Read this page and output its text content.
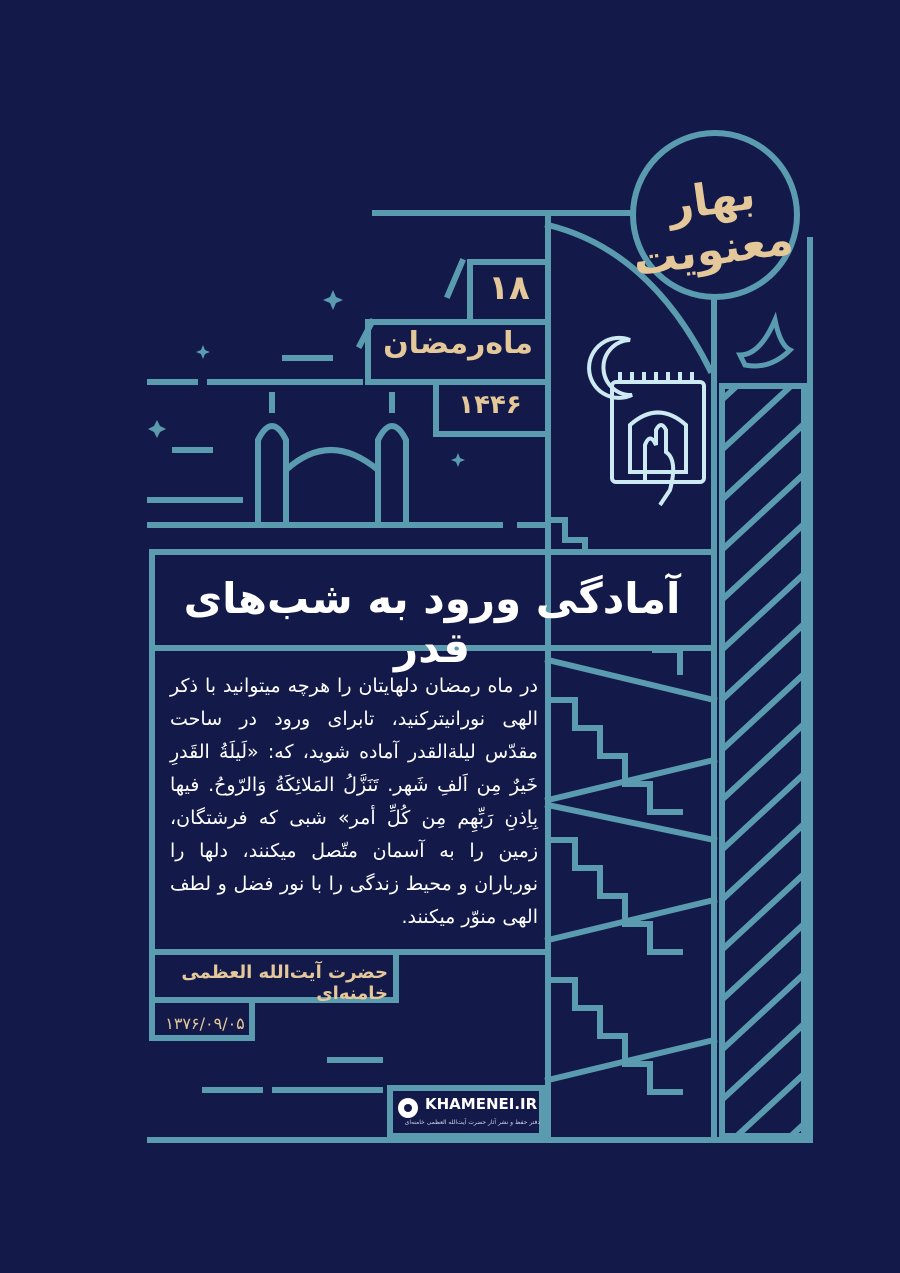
بهار معنویت
۱۸
ماه‌رمضان
۱۴۴۶
آمادگی ورود به شب‌های قدر
در ماه رمضان دلهایتان را هرچه میتوانید با ذکر الهی نورانیترکنید، تابرای ورود در ساحت مقدّس لیلة‌القدر آماده شوید، که: «لَیلَةُ القَدرِ خَیرٌ مِن اَلفِ شَهر. تَنَزَّلُ المَلائِکَةُ وَالرّوحُ. فیها بِاِذنِ رَبِّهِم مِن کُلِّ أمر» شبی که فرشتگان، زمین را به آسمان متّصل میکنند، دلها را نورباران و محیط زندگی را با نور فضل و لطف الهی منوّر میکنند.
حضرت آیت‌الله العظمی خامنه‌ای
۱۳۷۶/۰۹/۰۵
KHAMENEI.IR
دفتر حفظ و نشر آثار حضرت آیت‌الله العظمی خامنه‌ای
